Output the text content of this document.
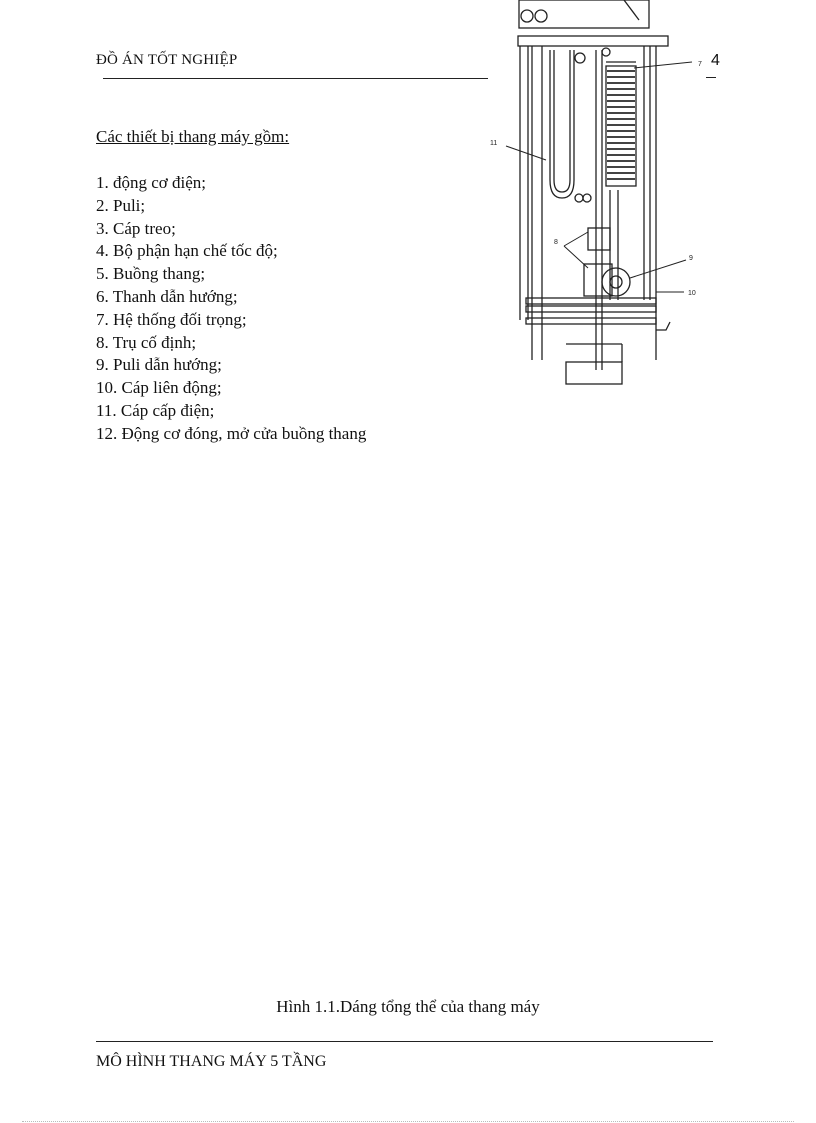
ĐỒ ÁN TỐT NGHIỆP	4
Các thiết bị thang máy gồm:
1. động cơ điện;
2. Puli;
3. Cáp treo;
4. Bộ phận hạn chế tốc độ;
5. Buồng thang;
6. Thanh dẫn hướng;
7. Hệ thống đối trọng;
8. Trụ cố định;
9. Puli dẫn hướng;
10. Cáp liên động;
11. Cáp cấp điện;
12. Động cơ đóng, mở cửa buồng thang
7
11
8
9
10
Hình 1.1.Dáng tổng thể của thang máy
MÔ HÌNH THANG MÁY 5 TẦNG
